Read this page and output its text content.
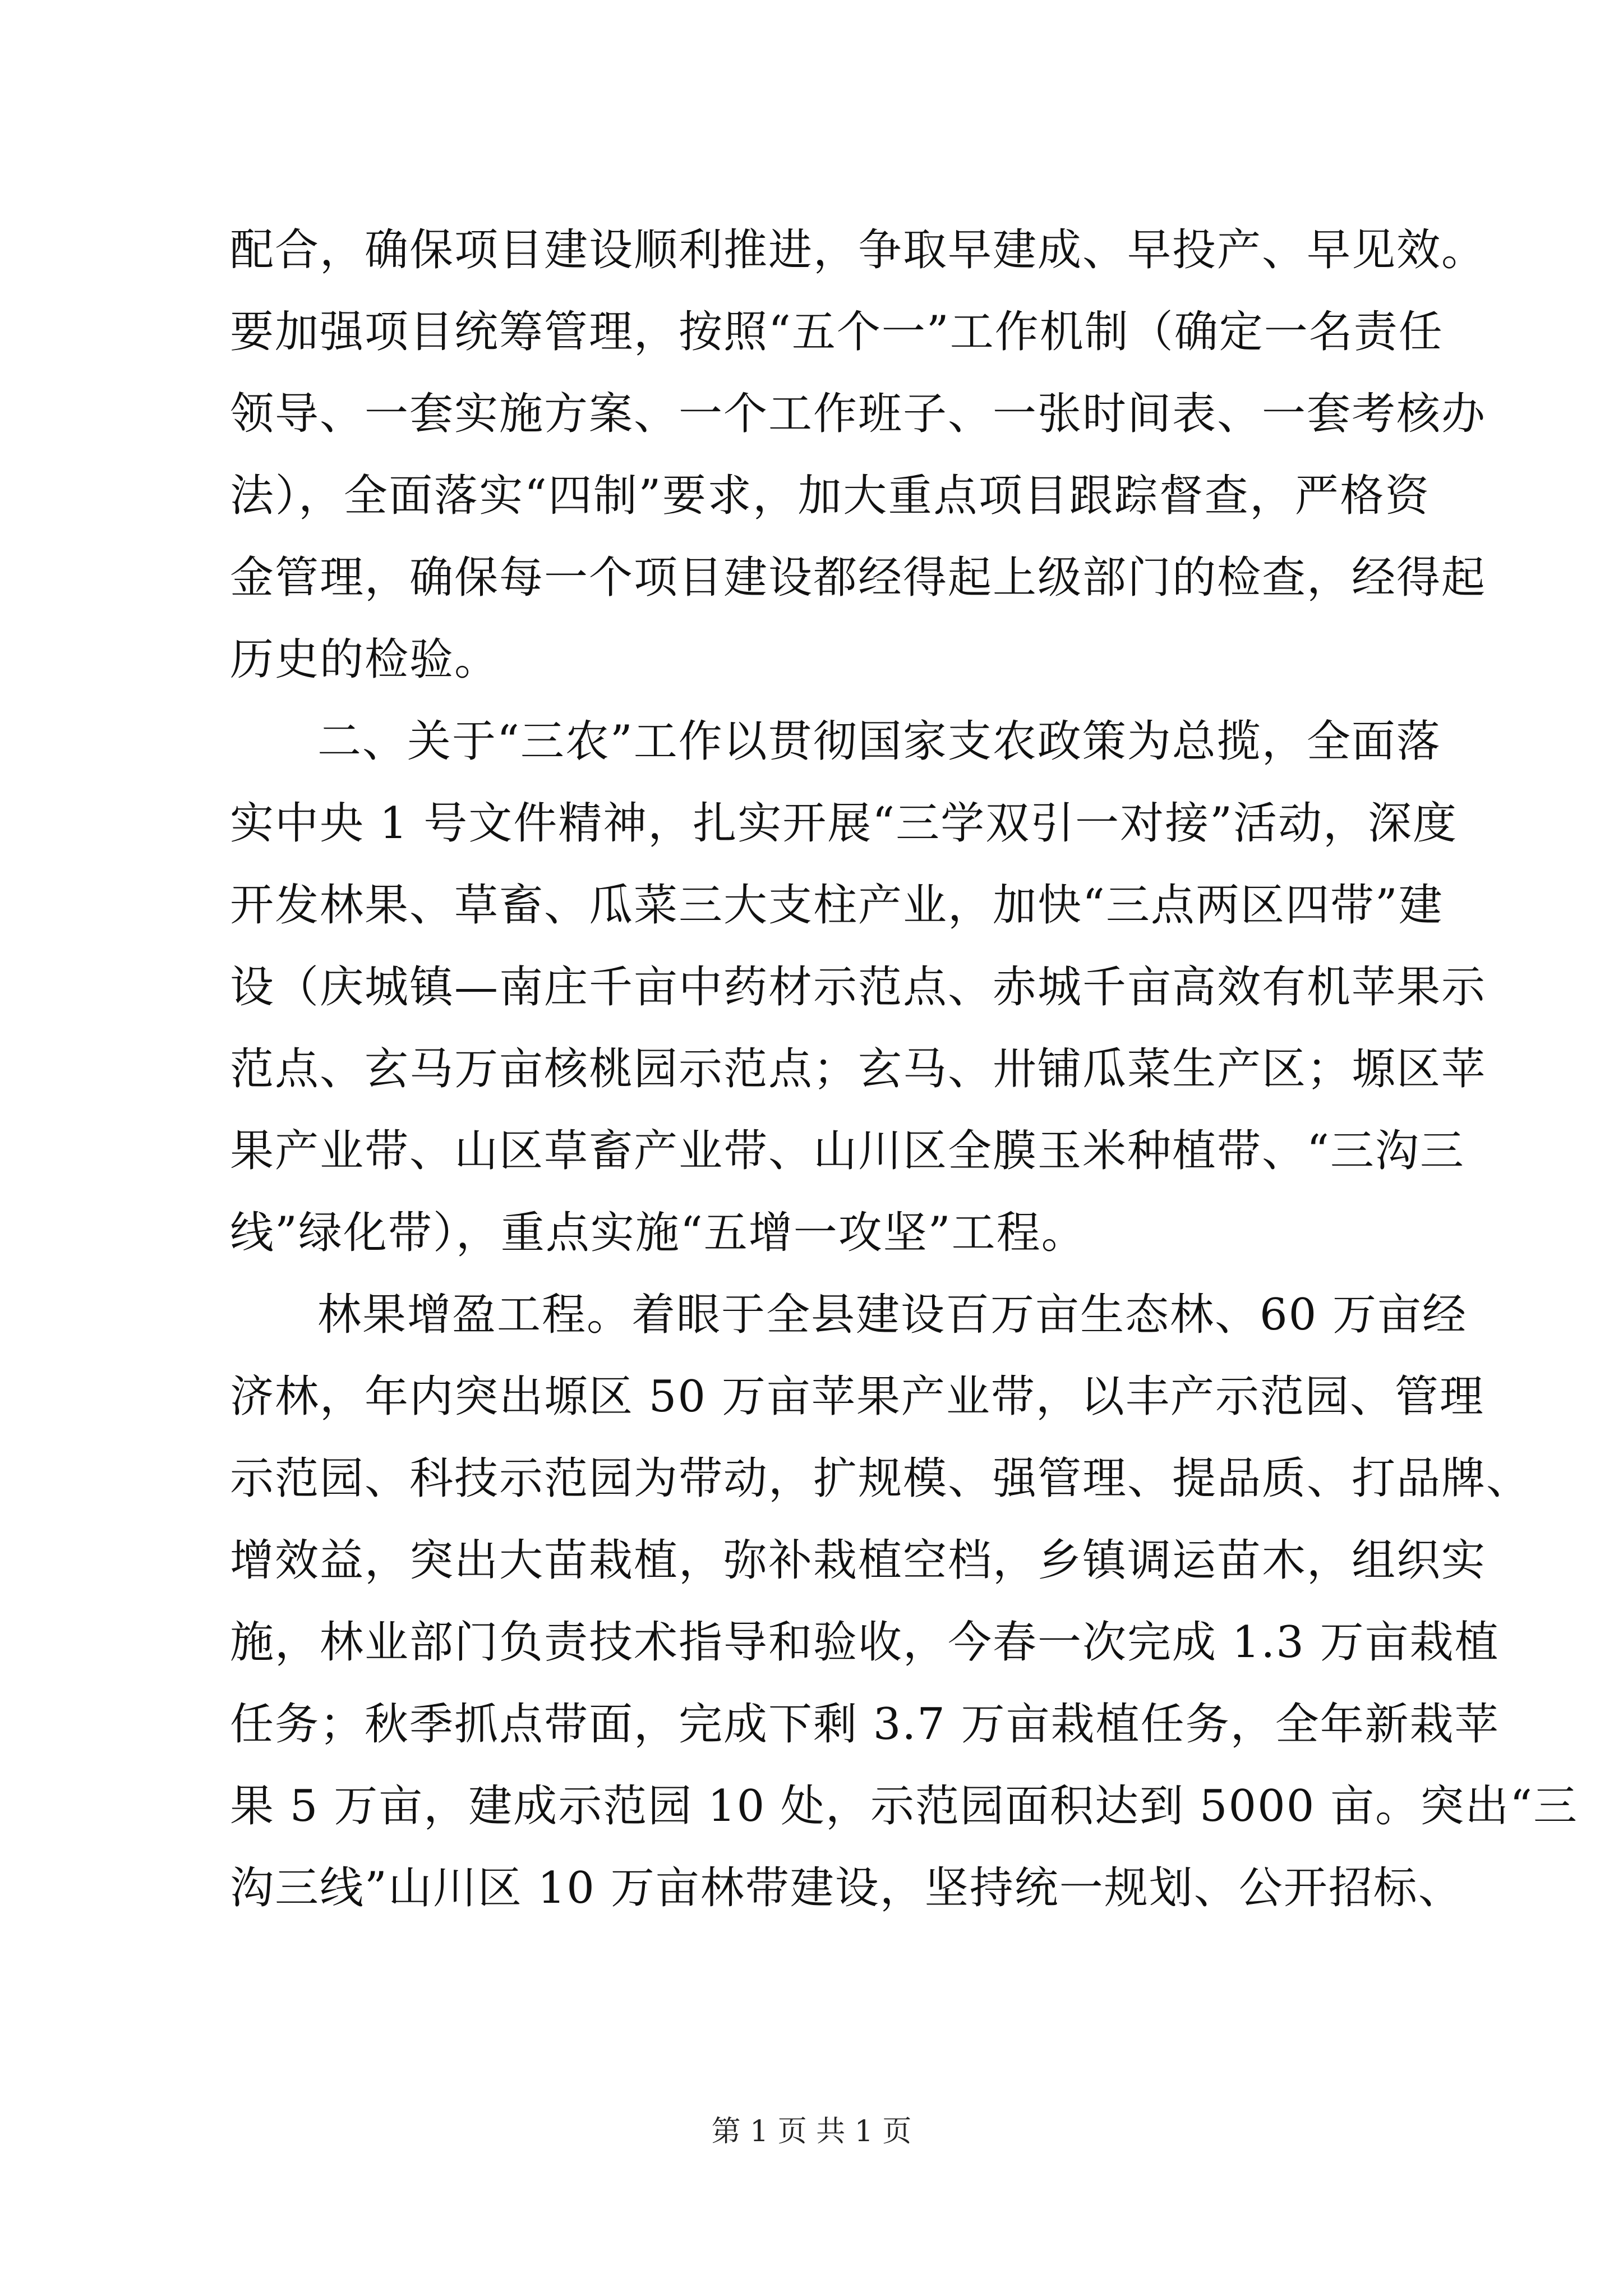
配合，确保项目建设顺利推进，争取早建成、早投产、早见效。
要加强项目统筹管理，按照“五个一”工作机制（确定一名责任
领导、一套实施方案、一个工作班子、一张时间表、一套考核办
法），全面落实“四制”要求，加大重点项目跟踪督查，严格资
金管理，确保每一个项目建设都经得起上级部门的检查，经得起
历史的检验。
二、关于“三农”工作以贯彻国家支农政策为总揽，全面落
实中央 1 号文件精神，扎实开展“三学双引一对接”活动，深度
开发林果、草畜、瓜菜三大支柱产业，加快“三点两区四带”建
设（庆城镇—南庄千亩中药材示范点、赤城千亩高效有机苹果示
范点、玄马万亩核桃园示范点；玄马、卅铺瓜菜生产区；塬区苹
果产业带、山区草畜产业带、山川区全膜玉米种植带、“三沟三
线”绿化带），重点实施“五增一攻坚”工程。
林果增盈工程。着眼于全县建设百万亩生态林、60 万亩经
济林，年内突出塬区 50 万亩苹果产业带，以丰产示范园、管理
示范园、科技示范园为带动，扩规模、强管理、提品质、打品牌、
增效益，突出大苗栽植，弥补栽植空档，乡镇调运苗木，组织实
施，林业部门负责技术指导和验收，今春一次完成 1.3 万亩栽植
任务；秋季抓点带面，完成下剩 3.7 万亩栽植任务，全年新栽苹
果 5 万亩，建成示范园 10 处，示范园面积达到 5000 亩。突出“三
沟三线”山川区 10 万亩林带建设，坚持统一规划、公开招标、
第 1 页 共 1 页
